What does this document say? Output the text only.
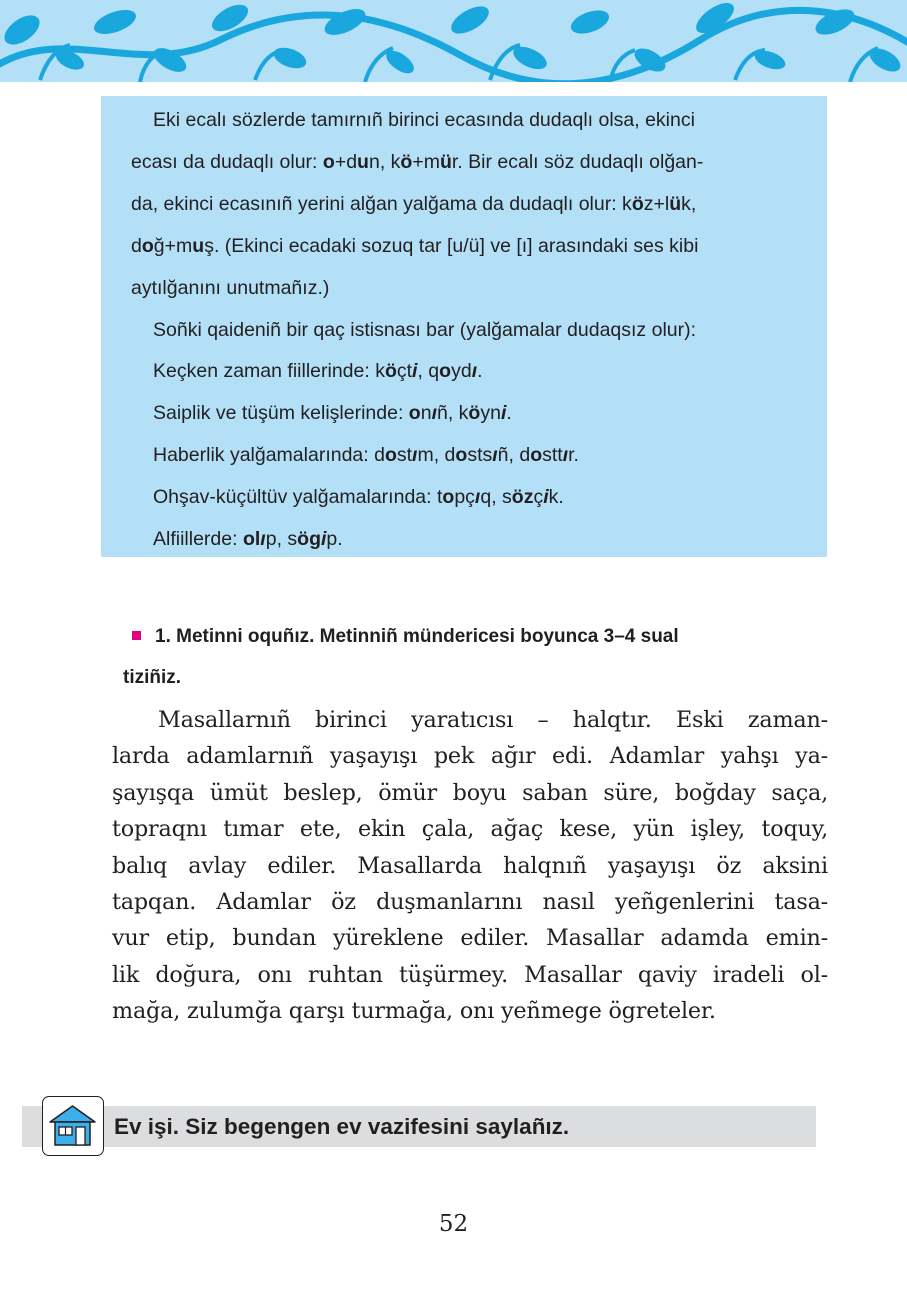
Eki ecalı sözlerde tamırnıñ birinci ecasında dudaqlı olsa, ekinci

ecası da dudaqlı olur: o+dun, kö+mür. Bir ecalı söz dudaqlı olğan-

da, ekinci ecasınıñ yerini alğan yalğama da dudaqlı olur: köz+lük,

doğ+muş. (Ekinci ecadaki sozuq tar [u/ü] ve [ı] arasındaki ses kibi

aytılğanını unutmañız.)

Soñki qaideniñ bir qaç istisnası bar (yalğamalar dudaqsız olur):

Keçken zaman fiillerinde: köçti, qoydı.

Saiplik ve tüşüm kelişlerinde: onıñ, köyni.

Haberlik yalğamalarında: dostım, dostsıñ, dosttır.

Ohşav-küçültüv yalğamalarında: topçıq, sözçik.

Alfiillerde: olıp, sögip.

1. Metinni oquñız. Metinniñ mündericesi boyunca 3–4 sual
tiziñiz.
Masallarnıñ birinci yaratıcısı – halqtır. Eski zaman-
larda adamlarnıñ yaşayışı pek ağır edi. Adamlar yahşı ya-
şayışqa ümüt beslep, ömür boyu saban süre, boğday saça,
topraqnı tımar ete, ekin çala, ağaç kese, yün işley, toquy,
balıq avlay ediler. Masallarda halqnıñ yaşayışı öz aksini
tapqan. Adamlar öz duşmanlarını nasıl yeñgenlerini tasa-
vur etip, bundan yüreklene ediler. Masallar adamda emin-
lik doğura, onı ruhtan tüşürmey. Masallar qaviy iradeli ol-
mağa, zulumğa qarşı turmağa, onı yeñmege ögreteler.
Ev işi. Siz begengen ev vazifesini saylañız.
52
